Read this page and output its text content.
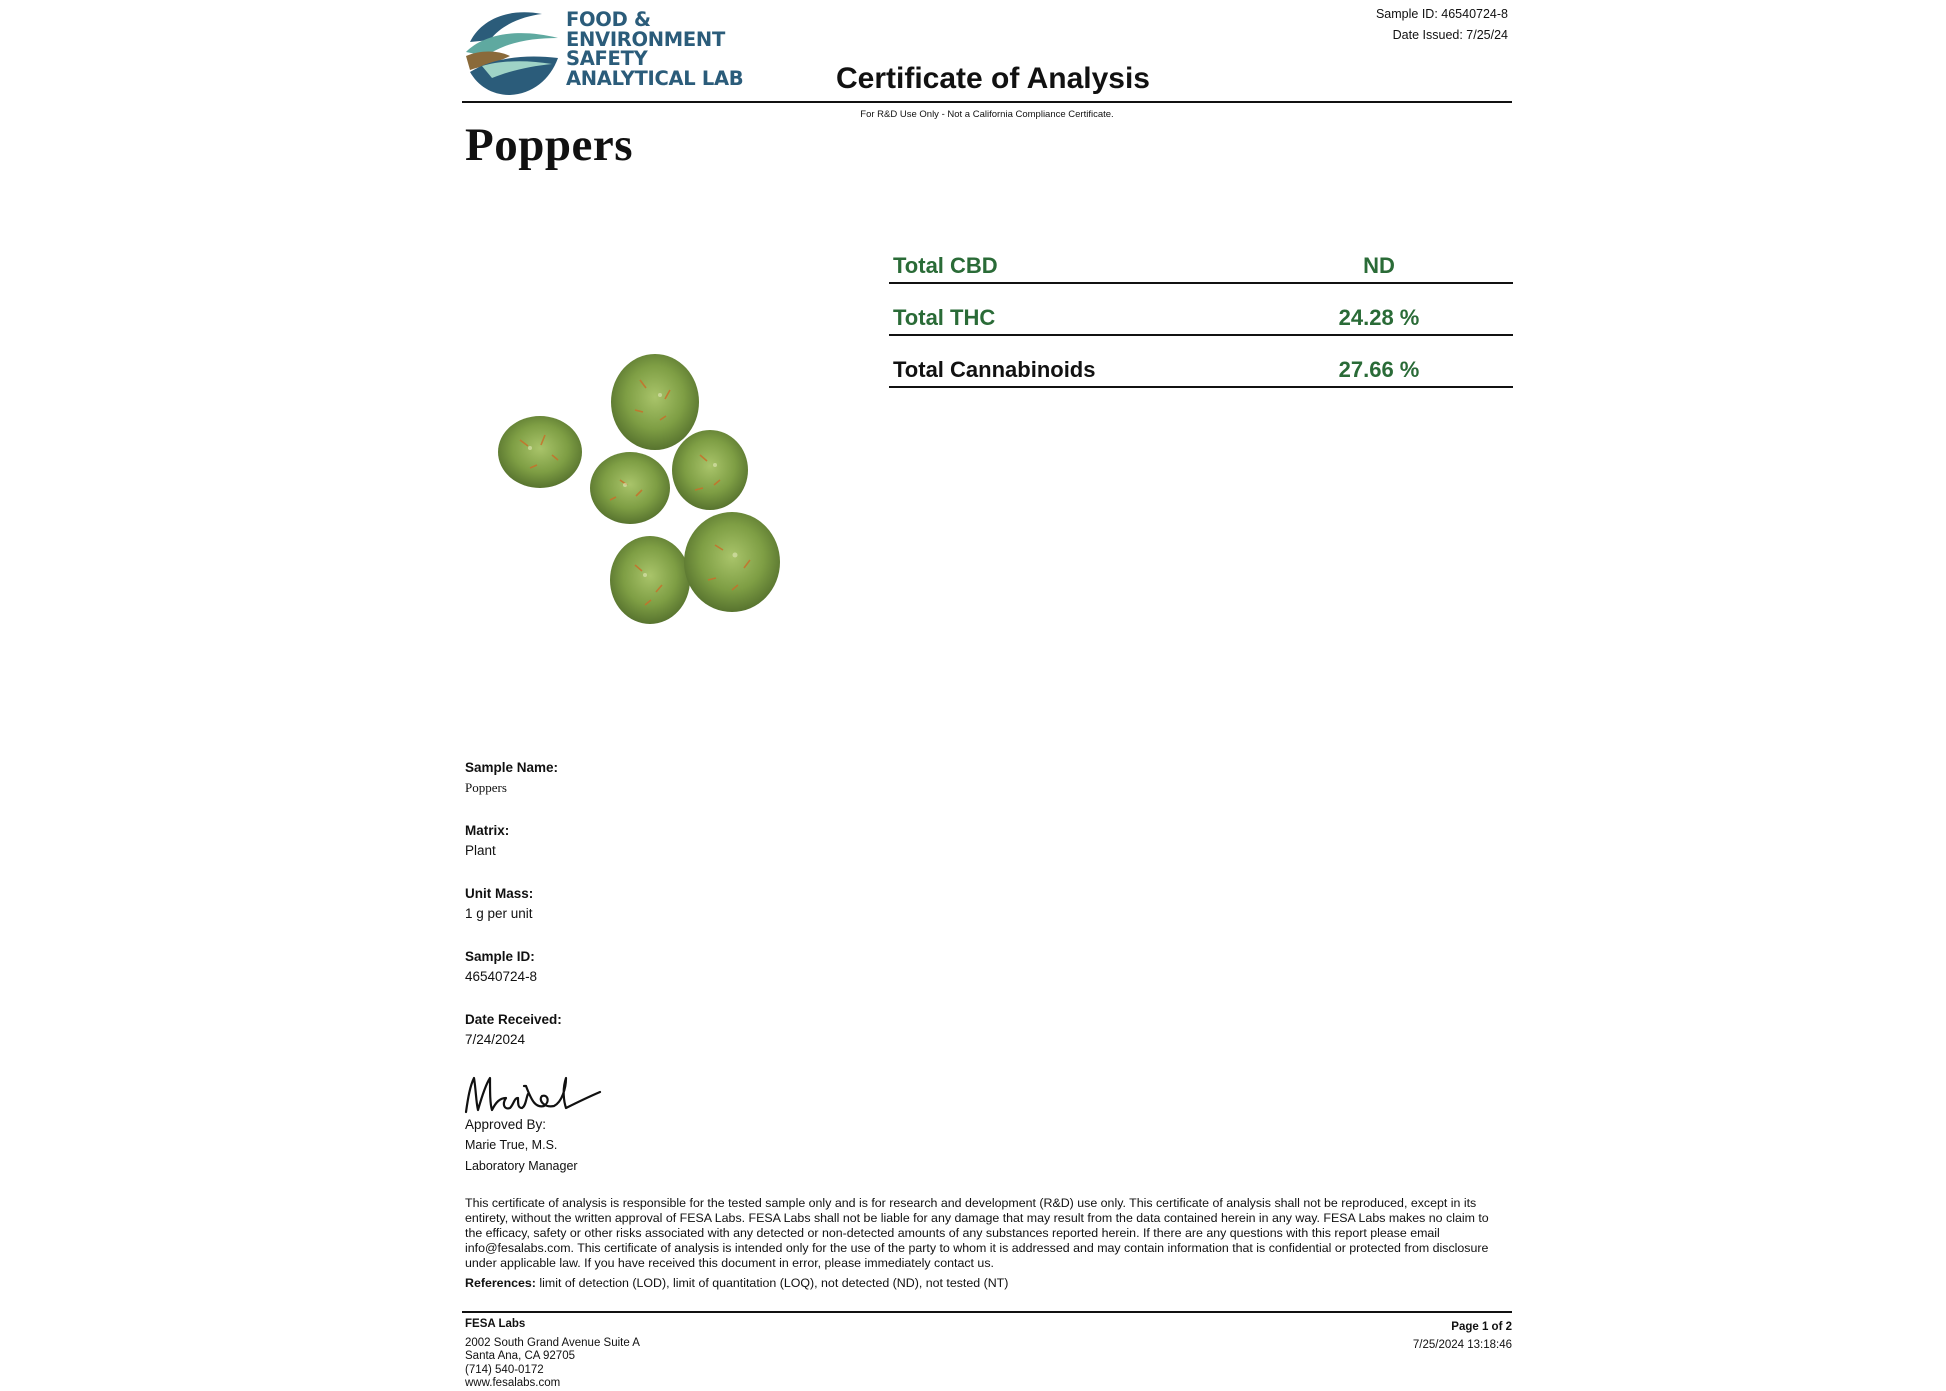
FOOD &
ENVIRONMENT
SAFETY
ANALYTICAL LAB
Sample ID: 46540724-8
Date Issued: 7/25/24
Certificate of Analysis
For R&D Use Only - Not a California Compliance Certificate.
Poppers
Total CBD	ND
Total THC	24.28 %
Total Cannabinoids	27.66 %
Sample Name:
Poppers
Matrix:
Plant
Unit Mass:
1 g per unit
Sample ID:
46540724-8
Date Received:
7/24/2024
Approved By:
Marie True, M.S.
Laboratory Manager
This certificate of analysis is responsible for the tested sample only and is for research and development (R&D) use only. This certificate of analysis shall not be reproduced, except in its entirety, without the written approval of FESA Labs. FESA Labs shall not be liable for any damage that may result from the data contained herein in any way. FESA Labs makes no claim to the efficacy, safety or other risks associated with any detected or non-detected amounts of any substances reported herein. If there are any questions with this report please email info@fesalabs.com. This certificate of analysis is intended only for the use of the party to whom it is addressed and may contain information that is confidential or protected from disclosure under applicable law. If you have received this document in error, please immediately contact us.
References: limit of detection (LOD), limit of quantitation (LOQ), not detected (ND), not tested (NT)
FESA Labs
2002 South Grand Avenue Suite A
Santa Ana, CA 92705
(714) 540-0172
www.fesalabs.com
Page 1 of 2
7/25/2024 13:18:46
